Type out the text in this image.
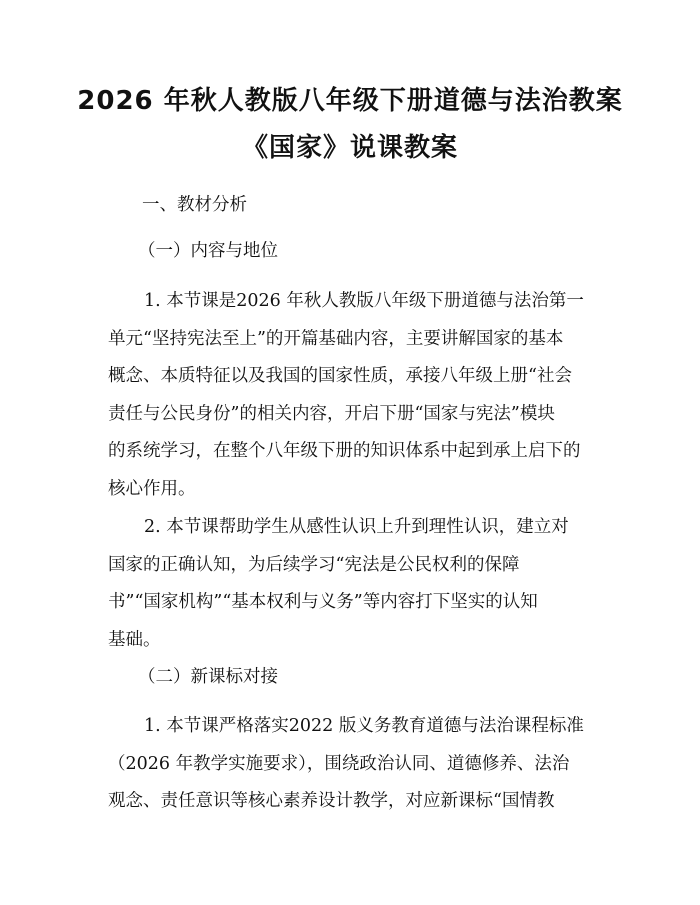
2026 年秋人教版八年级下册道德与法治教案
《国家》说课教案

一、教材分析

（一）内容与地位

1. 本节课是2026 年秋人教版八年级下册道德与法治第一
单元“坚持宪法至上”的开篇基础内容，主要讲解国家的基本
概念、本质特征以及我国的国家性质，承接八年级上册“社会
责任与公民身份”的相关内容，开启下册“国家与宪法”模块
的系统学习，在整个八年级下册的知识体系中起到承上启下的
核心作用。

2. 本节课帮助学生从感性认识上升到理性认识，建立对
国家的正确认知，为后续学习“宪法是公民权利的保障
书”“国家机构”“基本权利与义务”等内容打下坚实的认知
基础。

（二）新课标对接

1. 本节课严格落实2022 版义务教育道德与法治课程标准
（2026 年教学实施要求），围绕政治认同、道德修养、法治
观念、责任意识等核心素养设计教学，对应新课标“国情教
